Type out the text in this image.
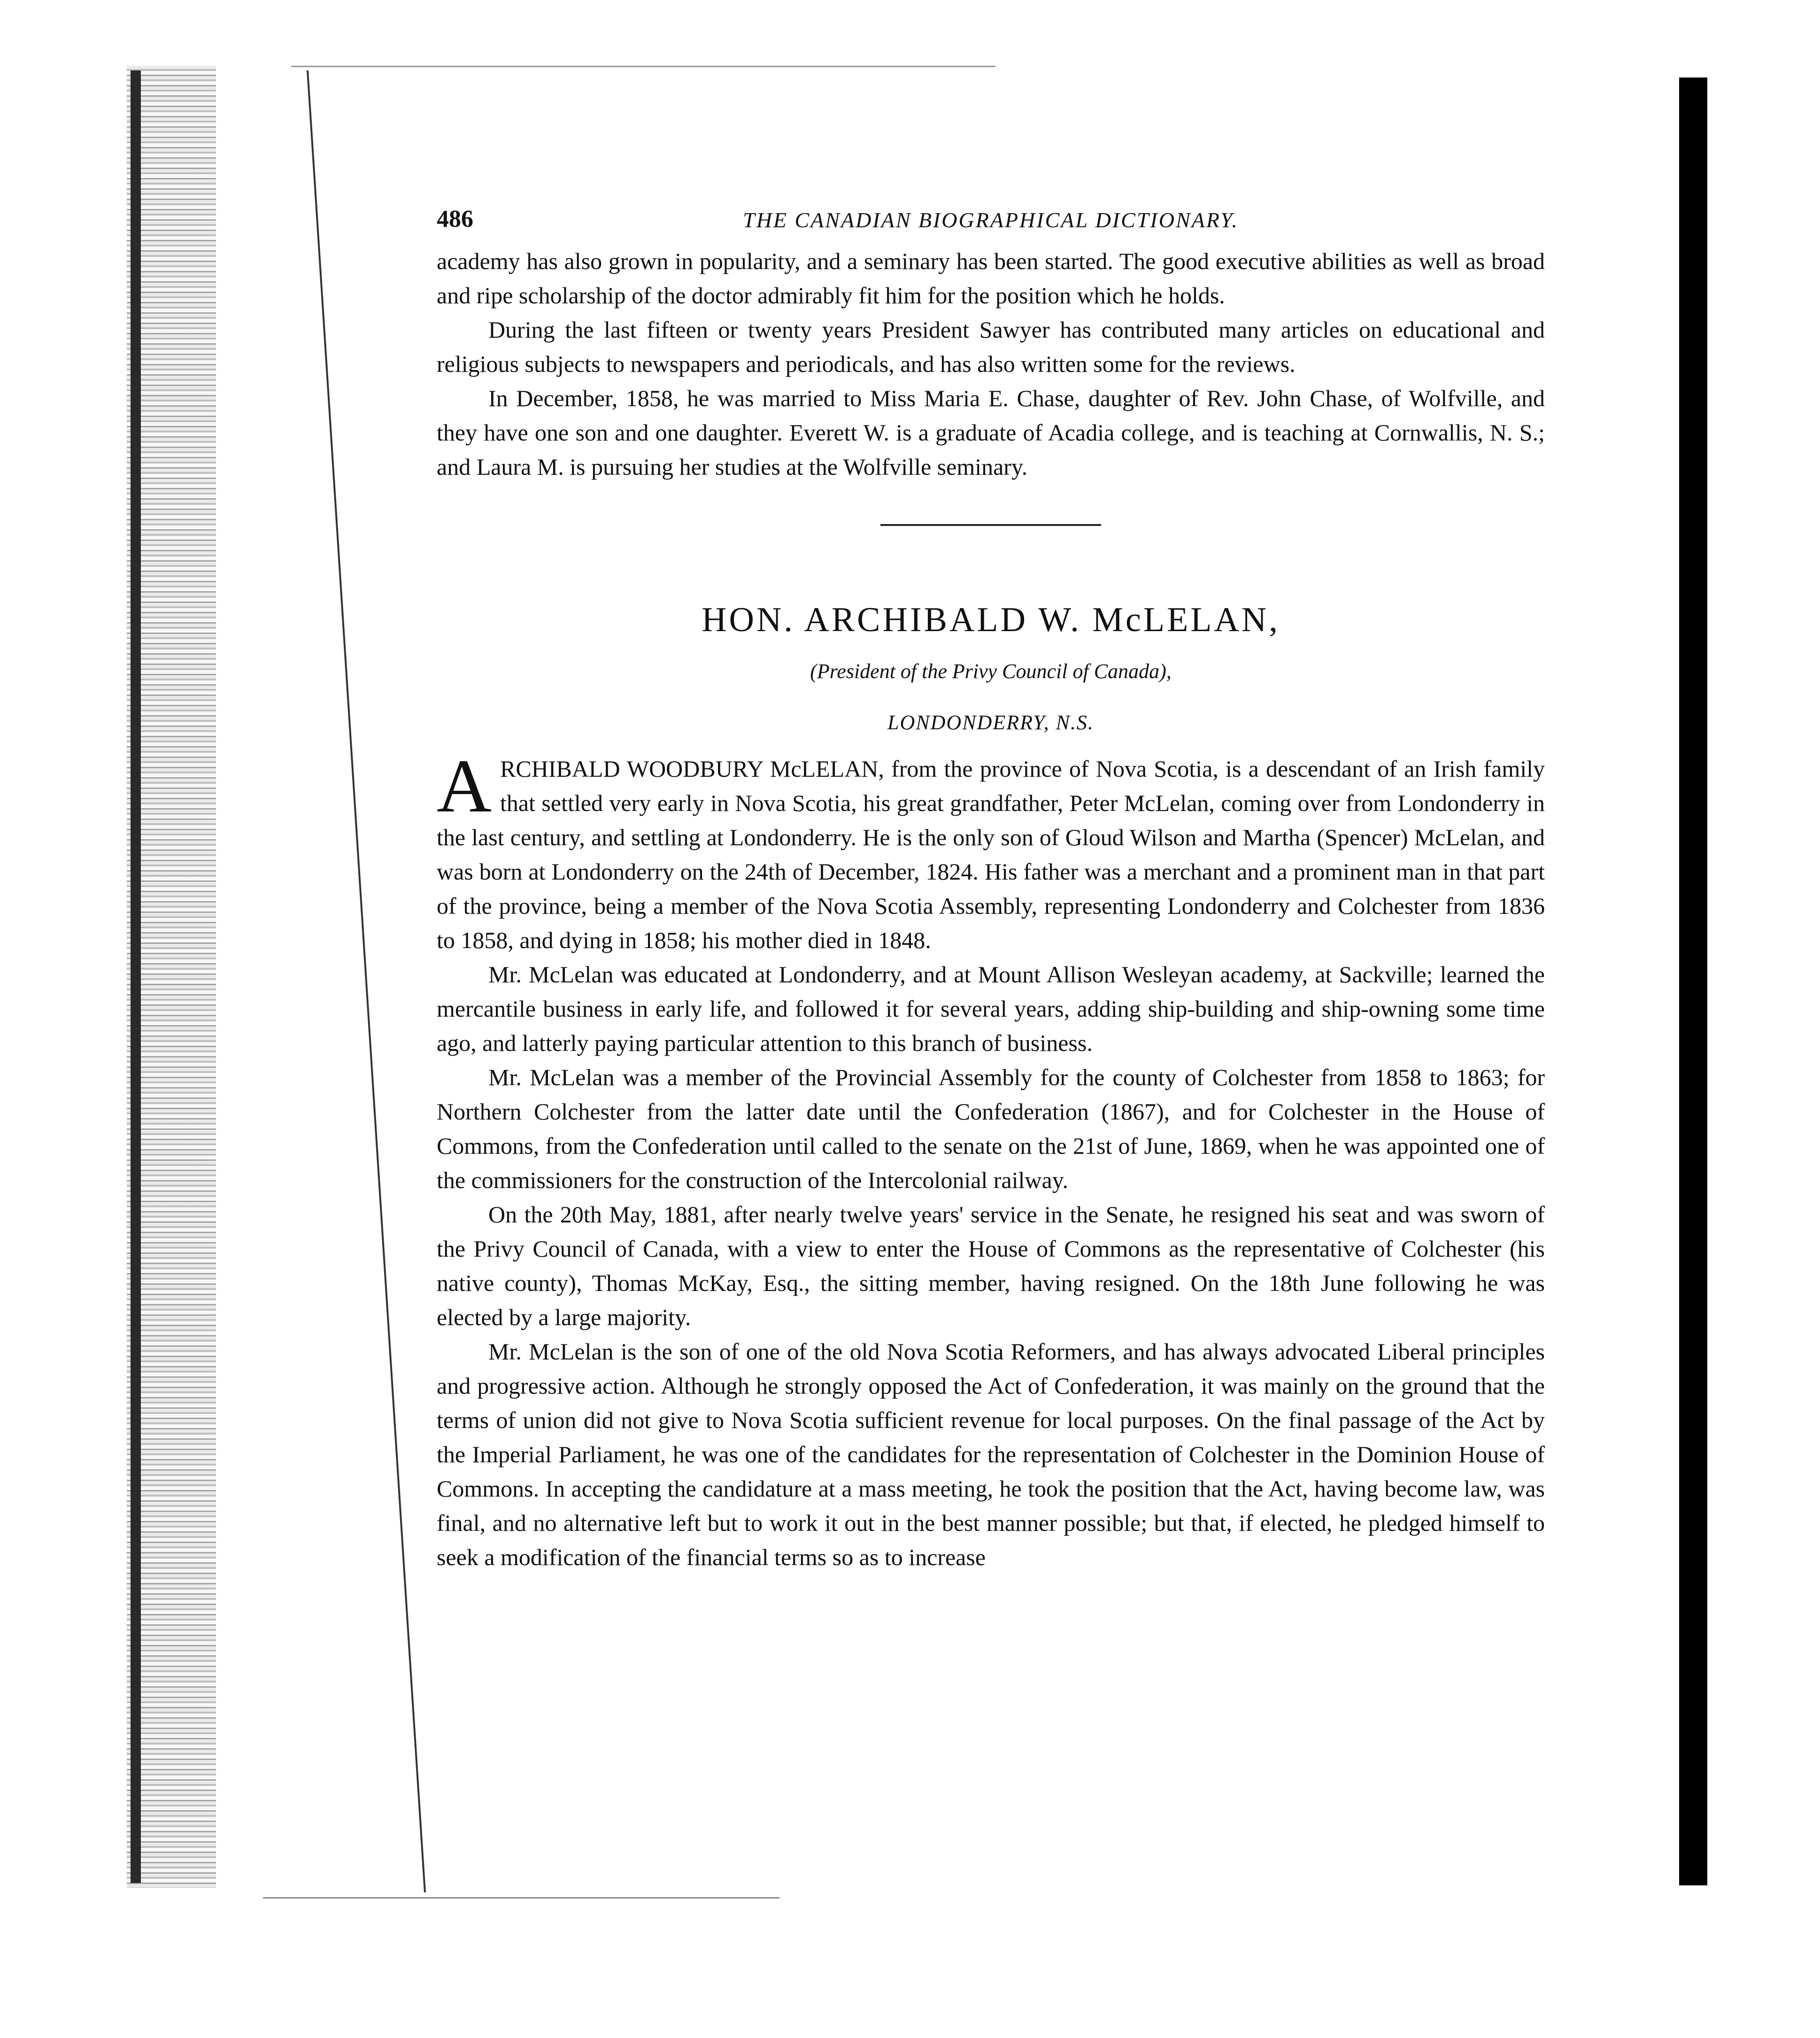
486	THE CANADIAN BIOGRAPHICAL DICTIONARY.

academy has also grown in popularity, and a seminary has been started. The good executive abilities as well as broad and ripe scholarship of the doctor admirably fit him for the position which he holds.

During the last fifteen or twenty years President Sawyer has contributed many articles on educational and religious subjects to newspapers and periodicals, and has also written some for the reviews.

In December, 1858, he was married to Miss Maria E. Chase, daughter of Rev. John Chase, of Wolfville, and they have one son and one daughter. Everett W. is a graduate of Acadia college, and is teaching at Cornwallis, N. S.; and Laura M. is pursuing her studies at the Wolfville seminary.

HON. ARCHIBALD W. McLELAN,
(President of the Privy Council of Canada),
LONDONDERRY, N.S.

ARCHIBALD WOODBURY McLELAN, from the province of Nova Scotia, is a descendant of an Irish family that settled very early in Nova Scotia, his great grandfather, Peter McLelan, coming over from Londonderry in the last century, and settling at Londonderry. He is the only son of Gloud Wilson and Martha (Spencer) McLelan, and was born at Londonderry on the 24th of December, 1824. His father was a merchant and a prominent man in that part of the province, being a member of the Nova Scotia Assembly, representing Londonderry and Colchester from 1836 to 1858, and dying in 1858; his mother died in 1848.

Mr. McLelan was educated at Londonderry, and at Mount Allison Wesleyan academy, at Sackville; learned the mercantile business in early life, and followed it for several years, adding ship-building and ship-owning some time ago, and latterly paying particular attention to this branch of business.

Mr. McLelan was a member of the Provincial Assembly for the county of Colchester from 1858 to 1863; for Northern Colchester from the latter date until the Confederation (1867), and for Colchester in the House of Commons, from the Confederation until called to the senate on the 21st of June, 1869, when he was appointed one of the commissioners for the construction of the Intercolonial railway.

On the 20th May, 1881, after nearly twelve years' service in the Senate, he resigned his seat and was sworn of the Privy Council of Canada, with a view to enter the House of Commons as the representative of Colchester (his native county), Thomas McKay, Esq., the sitting member, having resigned. On the 18th June following he was elected by a large majority.

Mr. McLelan is the son of one of the old Nova Scotia Reformers, and has always advocated Liberal principles and progressive action. Although he strongly opposed the Act of Confederation, it was mainly on the ground that the terms of union did not give to Nova Scotia sufficient revenue for local purposes. On the final passage of the Act by the Imperial Parliament, he was one of the candidates for the representation of Colchester in the Dominion House of Commons. In accepting the candidature at a mass meeting, he took the position that the Act, having become law, was final, and no alternative left but to work it out in the best manner possible; but that, if elected, he pledged himself to seek a modification of the financial terms so as to increase
